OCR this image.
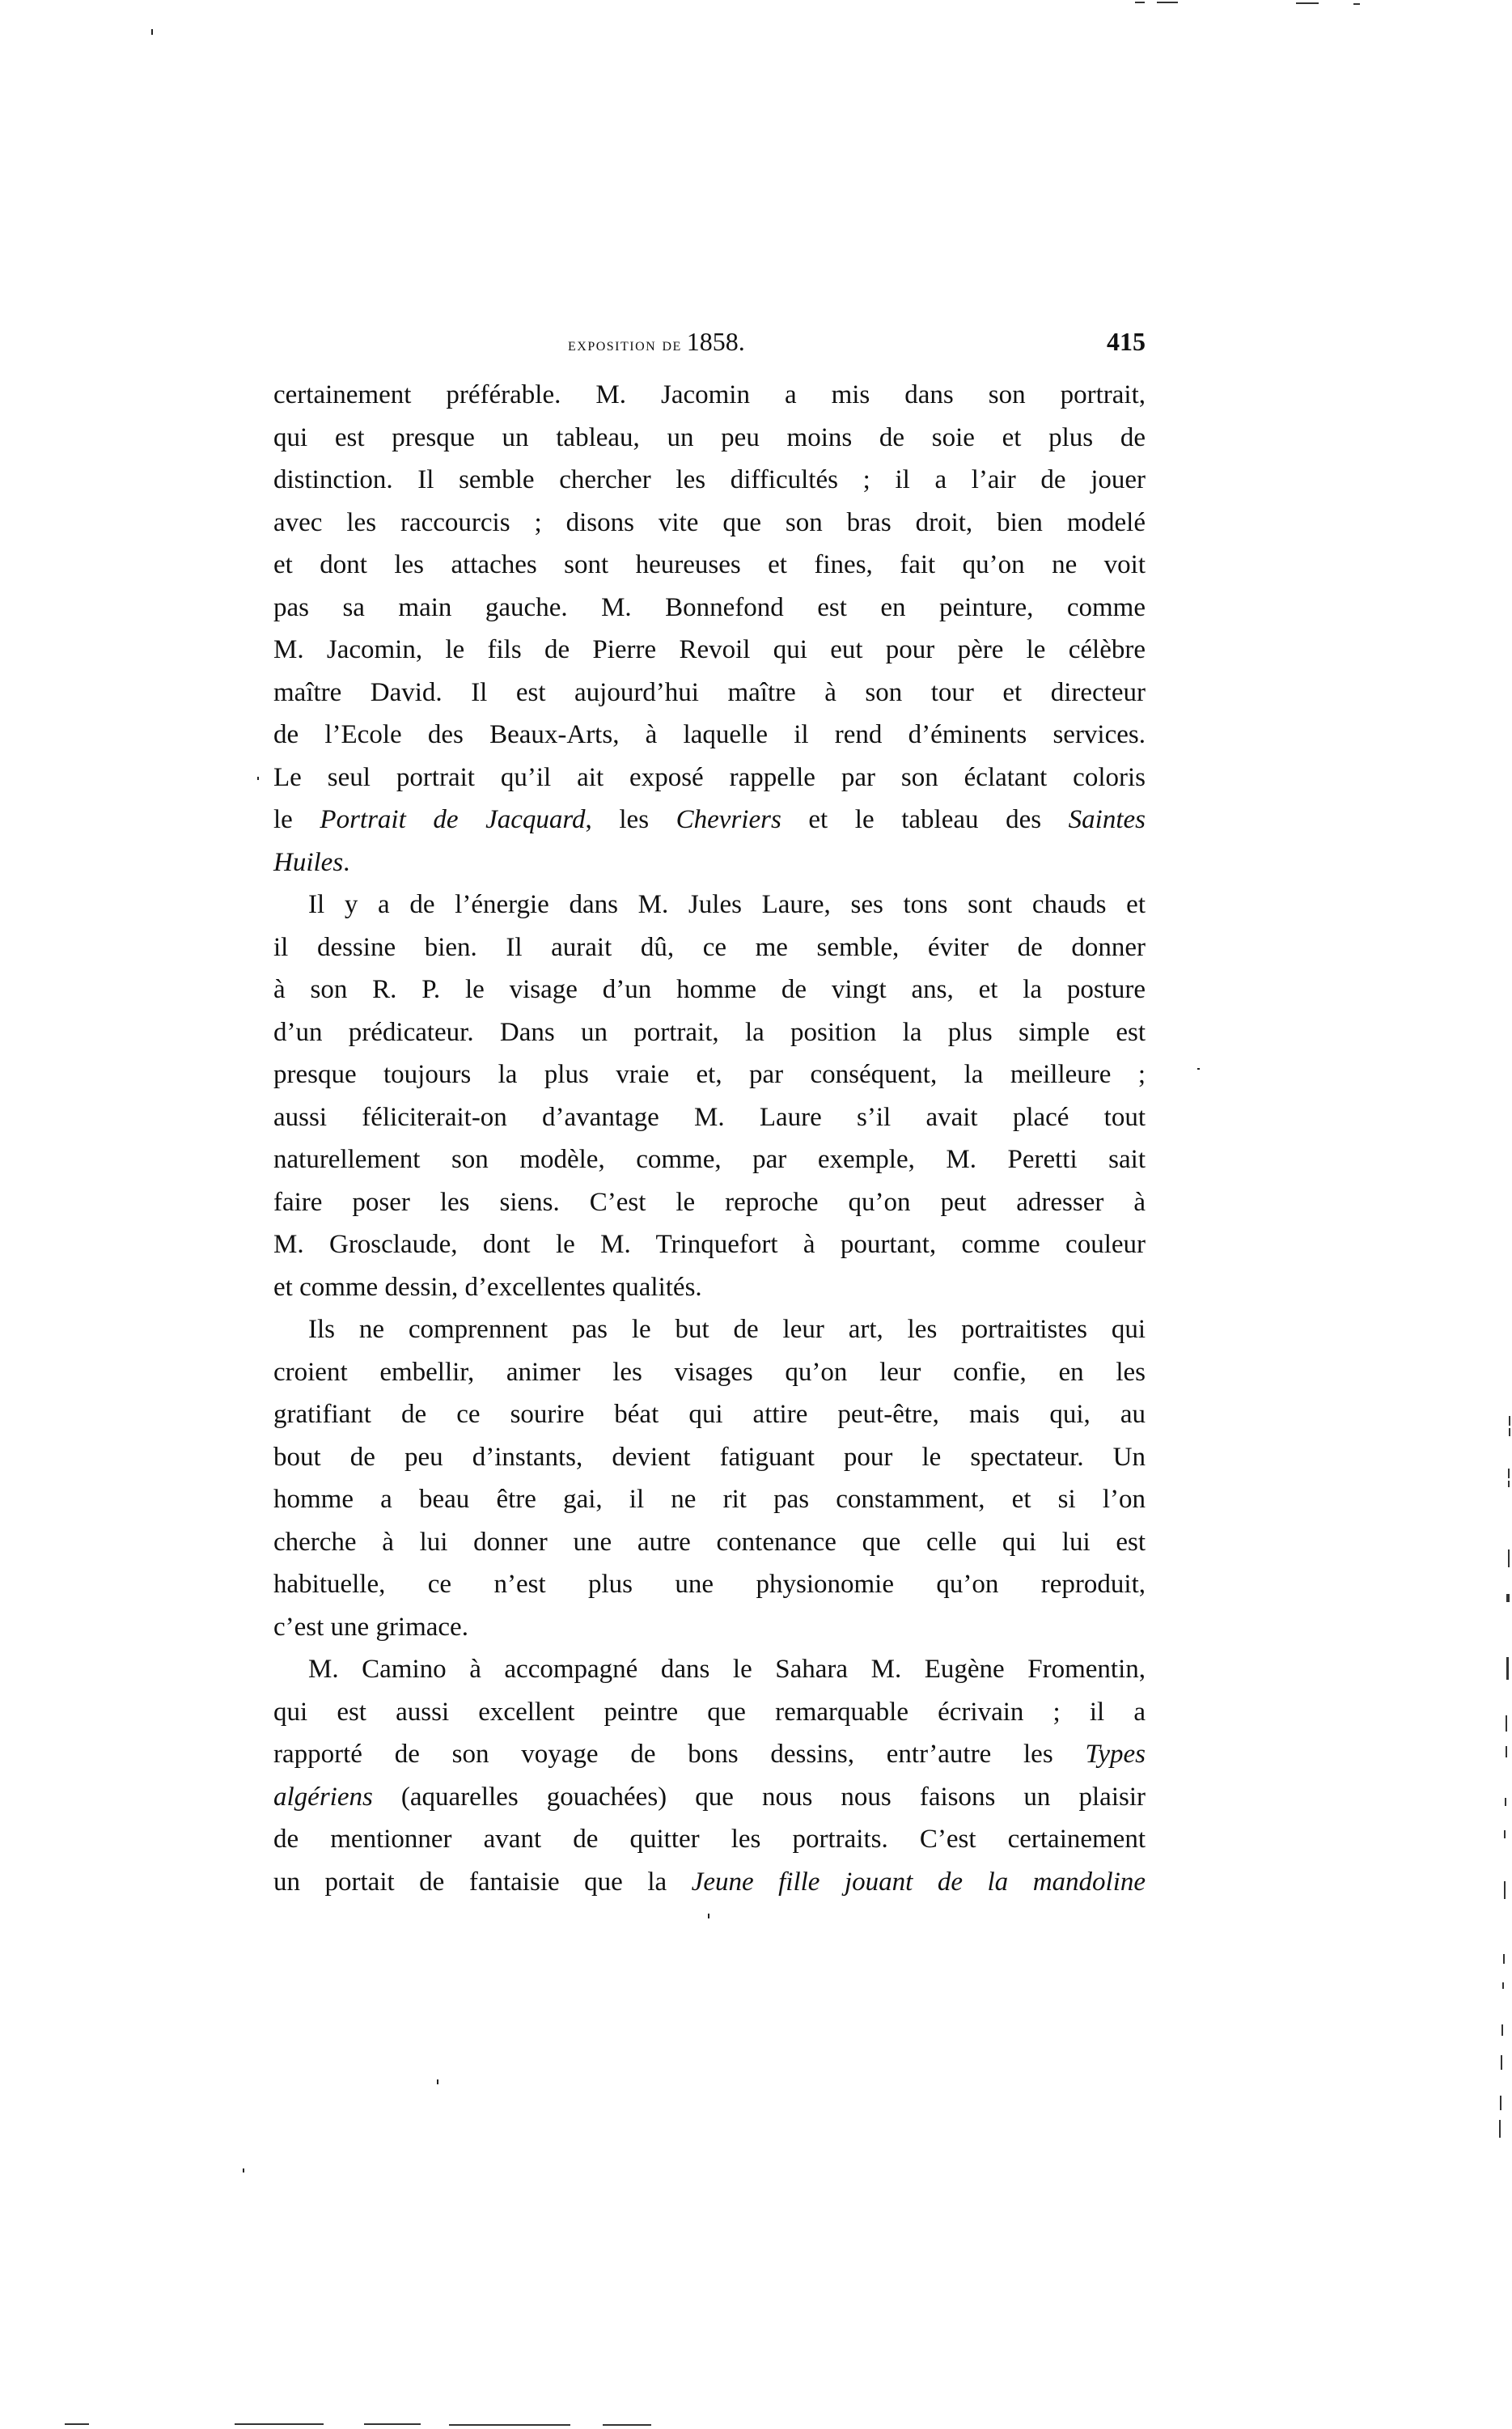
exposition de 1858.	415
certainement préférable. M. Jacomin a mis dans son portrait,
qui est presque un tableau, un peu moins de soie et plus de
distinction. Il semble chercher les difficultés ; il a l’air de jouer
avec les raccourcis ; disons vite que son bras droit, bien modelé
et dont les attaches sont heureuses et fines, fait qu’on ne voit
pas sa main gauche. M. Bonnefond est en peinture, comme
M. Jacomin, le fils de Pierre Revoil qui eut pour père le célèbre
maître David. Il est aujourd’hui maître à son tour et directeur
de l’Ecole des Beaux-Arts, à laquelle il rend d’éminents services.
Le seul portrait qu’il ait exposé rappelle par son éclatant coloris
le Portrait de Jacquard, les Chevriers et le tableau des Saintes
Huiles.
Il y a de l’énergie dans M. Jules Laure, ses tons sont chauds et
il dessine bien. Il aurait dû, ce me semble, éviter de donner
à son R. P. le visage d’un homme de vingt ans, et la posture
d’un prédicateur. Dans un portrait, la position la plus simple est
presque toujours la plus vraie et, par conséquent, la meilleure ;
aussi féliciterait-on d’avantage M. Laure s’il avait placé tout
naturellement son modèle, comme, par exemple, M. Peretti sait
faire poser les siens. C’est le reproche qu’on peut adresser à
M. Grosclaude, dont le M. Trinquefort à pourtant, comme couleur
et comme dessin, d’excellentes qualités.
Ils ne comprennent pas le but de leur art, les portraitistes qui
croient embellir, animer les visages qu’on leur confie, en les
gratifiant de ce sourire béat qui attire peut-être, mais qui, au
bout de peu d’instants, devient fatiguant pour le spectateur. Un
homme a beau être gai, il ne rit pas constamment, et si l’on
cherche à lui donner une autre contenance que celle qui lui est
habituelle, ce n’est plus une physionomie qu’on reproduit,
c’est une grimace.
M. Camino à accompagné dans le Sahara M. Eugène Fromentin,
qui est aussi excellent peintre que remarquable écrivain ; il a
rapporté de son voyage de bons dessins, entr’autre les Types
algériens (aquarelles gouachées) que nous nous faisons un plaisir
de mentionner avant de quitter les portraits. C’est certainement
un portait de fantaisie que la Jeune fille jouant de la mandoline
